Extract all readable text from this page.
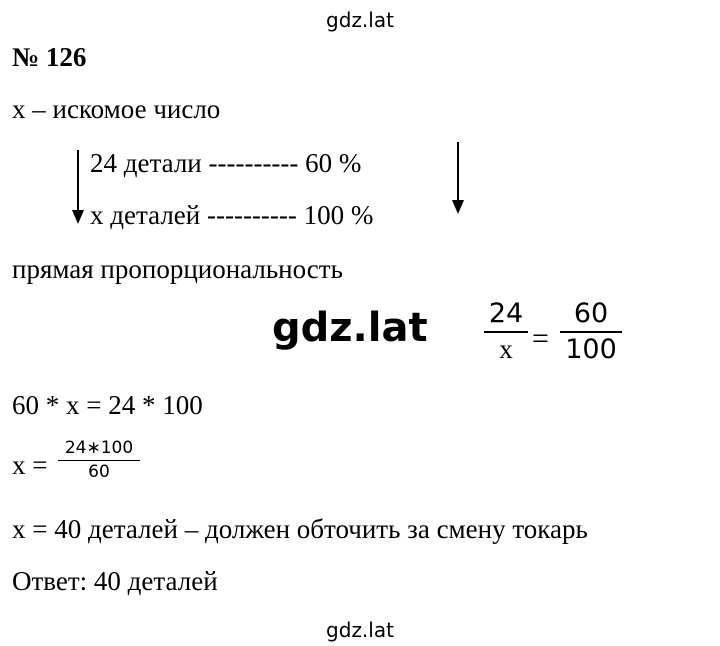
gdz.lat
№ 126
x – искомое число
24 детали ---------- 60 %
x деталей ---------- 100 %
прямая пропорциональность
gdz.lat 24
x =
60
100
60 * x = 24 * 100
x =
24∗100
60
x = 40 деталей – должен обточить за смену токарь
Ответ: 40 деталей
gdz.lat
